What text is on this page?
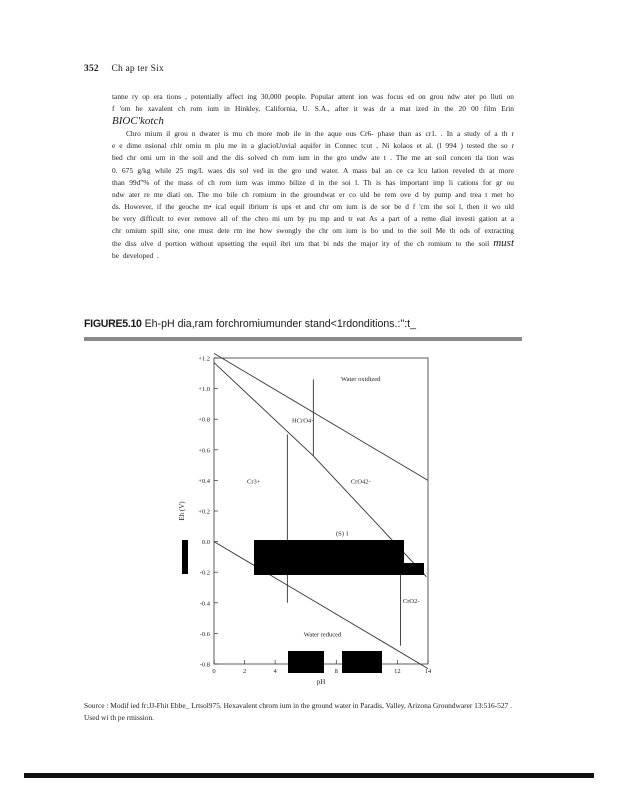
352 Ch ap ter Six

tanne ry op era tions , potentially affect ing 30,000 people. Popular attent ion was focus ed on grou ndw ater po lluti on f 'om he xavalent ch rom ium in Hinkley, California, U. S.A., after it was dr a mat ized in the 20 00 film Erin BIOC'kotch

Chro mium il grou n dwater is mu ch more mob ile in the aque ous Cr6- phase than as cr1. . In a study of a th r e e dime nsional chlr omiu m plu me in a glacioUuvial aquifer in Connec tcut , Ni kolaos et al. (l 994 ) tested the so r bed chr omi um in the soil and the dis solved ch rom ium in the gro undw ate t . The me an soil concen tla tion was 0. 675 g/kg while 25 mg/L waes dis sol ved in the gro und water. A mass bal an ce ca lcu lation reveled th at more than 99d"% of the mass of ch rom ium was immo bilize d in the soi l. Th is has important imp li cations for gr ou ndw ater re me diati on. The mo bile ch romium in the groundwat er co uld be rem ove d by pump and trea t met ho ds. However, if the geoche m• ical equil ibrium is ups et and chr om ium is de sor be d f 'cm the soi l, then it wo uld be very difficult to ever remove all of the chro mi um by pu mp and tr eat As a part of a reme dial investi gation at a chr omium spill site, one must dete rm ine how swongly the chr om ium is bo und to the soil Me th ods of extracting the diss olve d portion without upsetting the equil ibri um that bi nds the major ity of the ch romium to the soil must be developed .

FIGURE5.10 Eh-pH dia,ram forchromiumunder stand<1rdonditions.:":t_
+1.2
+1.0
+0.8
+0.6
+0.4
+0.2
0.0
-0.2
-0.4
-0.6
-0.8
0	2	4	8	12	14
pH
Eh (V)
Water oxidized
HCrO4-
Cr3+	CrO42-
(S) 1
CrO2-
Water reduced
Source : Modif ied fr:JJ-Fhit Ebbe_ Lrtsol975. Hexavalent chrom ium in the ground water in Paradis, Valley, Arizona Groundwarer 13:516-527 . Used wi th pe rmission.
